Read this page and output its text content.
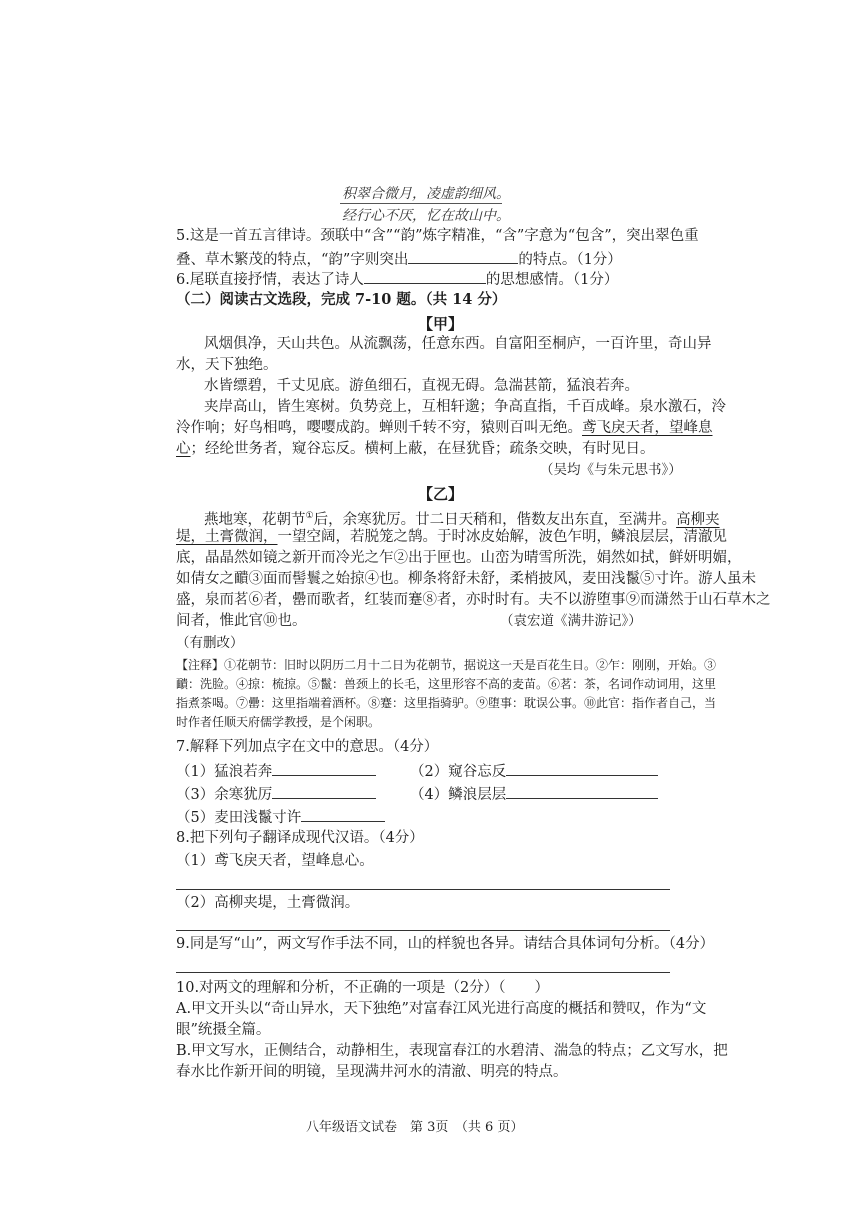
积翠合微月，凌虚韵细风。
经行心不厌，忆在故山中。
5.这是一首五言律诗。颈联中“含”“韵”炼字精准，“含”字意为“包含”，突出翠色重
叠、草木繁茂的特点，“韵”字则突出	的特点。（1分）
6.尾联直接抒情，表达了诗人	的思想感情。（1分）
（二）阅读古文选段，完成 7-10 题。（共 14 分）
【甲】
风烟俱净，天山共色。从流飘荡，任意东西。自富阳至桐庐，一百许里，奇山异
水，天下独绝。
水皆缥碧，千丈见底。游鱼细石，直视无碍。急湍甚箭，猛浪若奔。
夹岸高山，皆生寒树。负势竞上，互相轩邈；争高直指，千百成峰。泉水激石，泠
泠作响；好鸟相鸣，嘤嘤成韵。蝉则千转不穷，猿则百叫无绝。鸢飞戾天者，望峰息
心；经纶世务者，窥谷忘反。横柯上蔽，在昼犹昏；疏条交映，有时见日。
（吴均《与朱元思书》）
【乙】
燕地寒，花朝节①后，余寒犹厉。廿二日天稍和，偕数友出东直，至满井。高柳夹
堤，土膏微润，一望空阔，若脱笼之鹄。于时冰皮始解，波色乍明，鳞浪层层，清澈见
底，晶晶然如镜之新开而冷光之乍②出于匣也。山峦为晴雪所洗，娟然如拭，鲜妍明媚，
如倩女之靧③面而髻鬟之始掠④也。柳条将舒未舒，柔梢披风，麦田浅鬣⑤寸许。游人虽未
盛，泉而茗⑥者，罍而歌者，红装而蹇⑧者，亦时时有。夫不以游堕事⑨而潇然于山石草木之
间者，惟此官⑩也。	（袁宏道《满井游记》）
（有删改）
【注释】①花朝节：旧时以阴历二月十二日为花朝节，据说这一天是百花生日。②乍：刚刚，开始。③
靧：洗脸。④掠：梳掠。⑤鬣：兽颈上的长毛，这里形容不高的麦苗。⑥茗：茶，名词作动词用，这里
指煮茶喝。⑦罍：这里指端着酒杯。⑧蹇：这里指骑驴。⑨堕事：耽误公事。⑩此官：指作者自己，当
时作者任顺天府儒学教授，是个闲职。
7.解释下列加点字在文中的意思。（4分）
（1）猛浪若奔	（2）窥谷忘反
（3）余寒犹厉	（4）鳞浪层层
（5）麦田浅鬣寸许
8.把下列句子翻译成现代汉语。（4分）
（1）鸢飞戾天者，望峰息心。
（2）高柳夹堤，土膏微润。
9.同是写“山”，两文写作手法不同，山的样貌也各异。请结合具体词句分析。（4分）
10.对两文的理解和分析，不正确的一项是（2分）（　　）
A.甲文开头以“奇山异水，天下独绝”对富春江风光进行高度的概括和赞叹，作为“文
眼”统摄全篇。
B.甲文写水，正侧结合，动静相生，表现富春江的水碧清、湍急的特点；乙文写水，把
春水比作新开间的明镜，呈现满井河水的清澈、明亮的特点。
八年级语文试卷　第 3页　（共 6 页）
